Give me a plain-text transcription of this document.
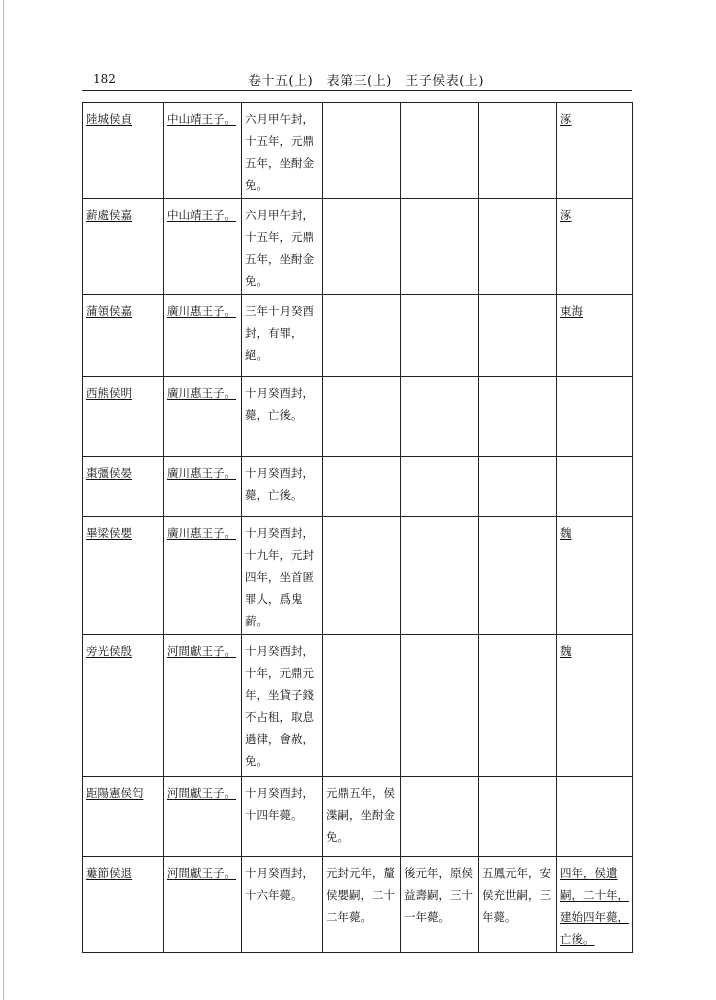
182	卷十五(上)　表第三(上)　王子侯表(上)
陸城侯貞	中山靖王子。	六月甲午封，十五年，元鼎五年，坐酎金免。				涿
薪處侯嘉	中山靖王子。	六月甲午封，十五年，元鼎五年，坐酎金免。				涿
蒲領侯嘉	廣川惠王子。	三年十月癸酉封，有罪，絕。				東海
西熊侯明	廣川惠王子。	十月癸酉封，薨，亡後。				
棗彊侯晏	廣川惠王子。	十月癸酉封，薨，亡後。				
畢梁侯嬰	廣川惠王子。	十月癸酉封，十九年，元封四年，坐首匿罪人，爲鬼薪。				魏
旁光侯殷	河間獻王子。	十月癸酉封，十年，元鼎元年，坐貸子錢不占租，取息過律，會赦，免。				魏
距陽憲侯匄	河間獻王子。	十月癸酉封，十四年薨。	元鼎五年，侯渫嗣，坐酎金免。			
蔞節侯退	河間獻王子。	十月癸酉封，十六年薨。	元封元年，釐侯嬰嗣，二十二年薨。	後元年，原侯益壽嗣，三十一年薨。	五鳳元年，安侯充世嗣，三年薨。	四年，侯遺嗣，二十年，建始四年薨，亡後。
